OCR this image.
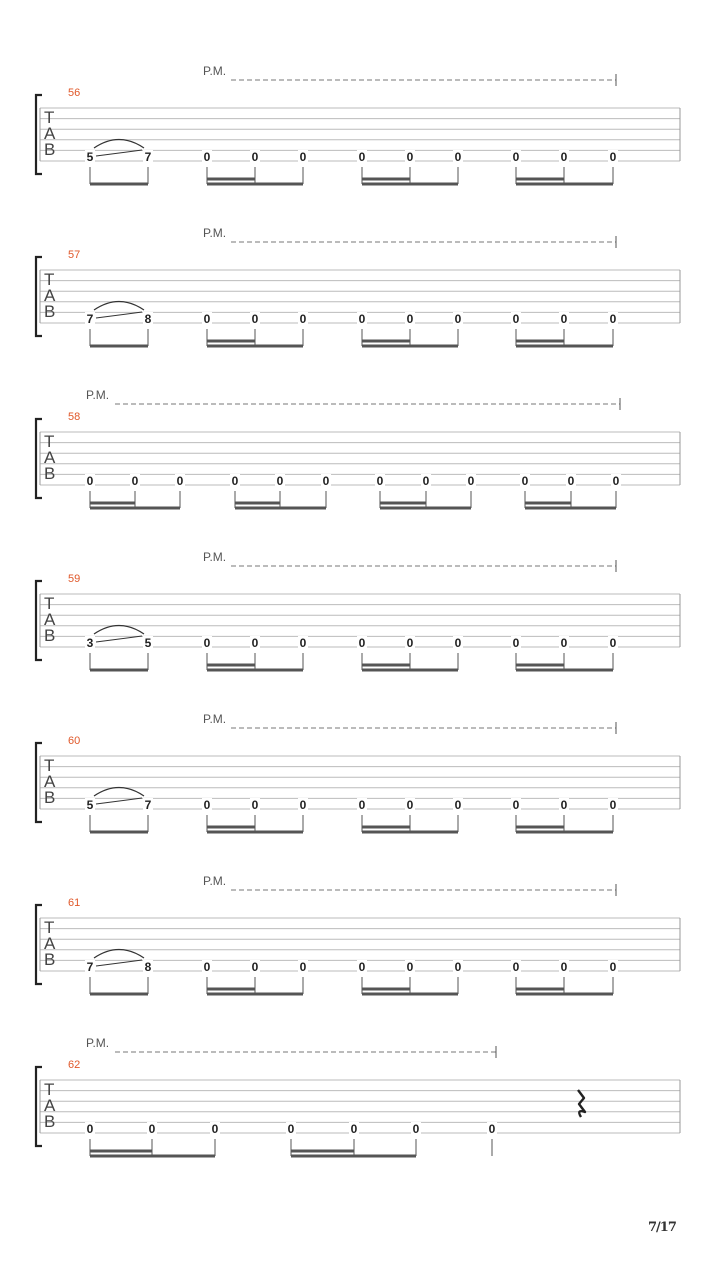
P.M.
56
T
A
B	5	7	0	0	0	0	0	0	0	0	0
P.M.
57
T
A
B	7	8	0	0	0	0	0	0	0	0	0
P.M.
58
T
A
B	0	0	0	0	0	0	0	0	0	0	0	0
P.M.
59
T
A
B	3	5	0	0	0	0	0	0	0	0	0
P.M.
60
T
A
B	5	7	0	0	0	0	0	0	0	0	0
P.M.
61
T
A
B	7	8	0	0	0	0	0	0	0	0	0
P.M.
62
T
A
B	0	0	0	0	0	0	0
7/17
